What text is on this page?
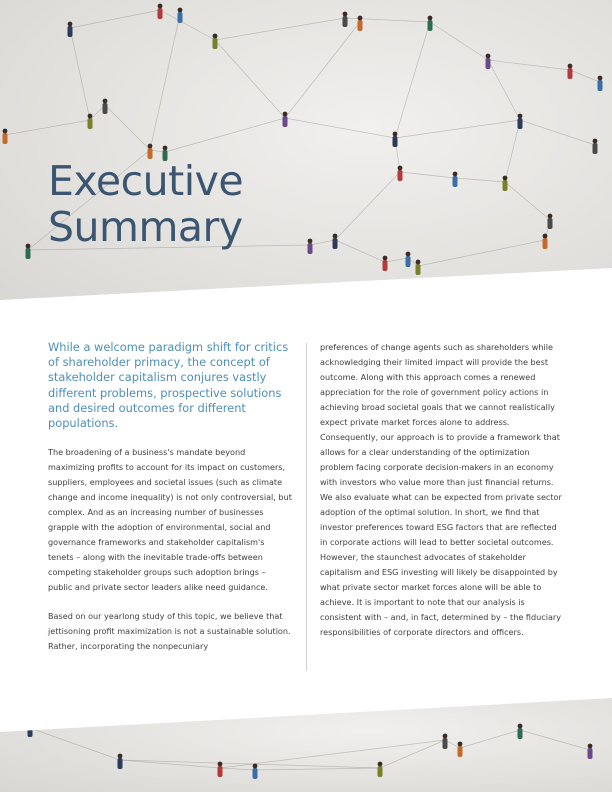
Executive
Summary

While a welcome paradigm shift for critics of shareholder primacy, the concept of stakeholder capitalism conjures vastly different problems, prospective solutions and desired outcomes for different populations.

The broadening of a business's mandate beyond maximizing profits to account for its impact on customers, suppliers, employees and societal issues (such as climate change and income inequality) is not only controversial, but complex. And as an increasing number of businesses grapple with the adoption of environmental, social and governance frameworks and stakeholder capitalism's tenets – along with the inevitable trade-offs between competing stakeholder groups such adoption brings – public and private sector leaders alike need guidance.

Based on our yearlong study of this topic, we believe that jettisoning profit maximization is not a sustainable solution. Rather, incorporating the nonpecuniary

preferences of change agents such as shareholders while acknowledging their limited impact will provide the best outcome. Along with this approach comes a renewed appreciation for the role of government policy actions in achieving broad societal goals that we cannot realistically expect private market forces alone to address. Consequently, our approach is to provide a framework that allows for a clear understanding of the optimization problem facing corporate decision-makers in an economy with investors who value more than just financial returns. We also evaluate what can be expected from private sector adoption of the optimal solution. In short, we find that investor preferences toward ESG factors that are reflected in corporate actions will lead to better societal outcomes. However, the staunchest advocates of stakeholder capitalism and ESG investing will likely be disappointed by what private sector market forces alone will be able to achieve. It is important to note that our analysis is consistent with – and, in fact, determined by – the fiduciary responsibilities of corporate directors and officers.
